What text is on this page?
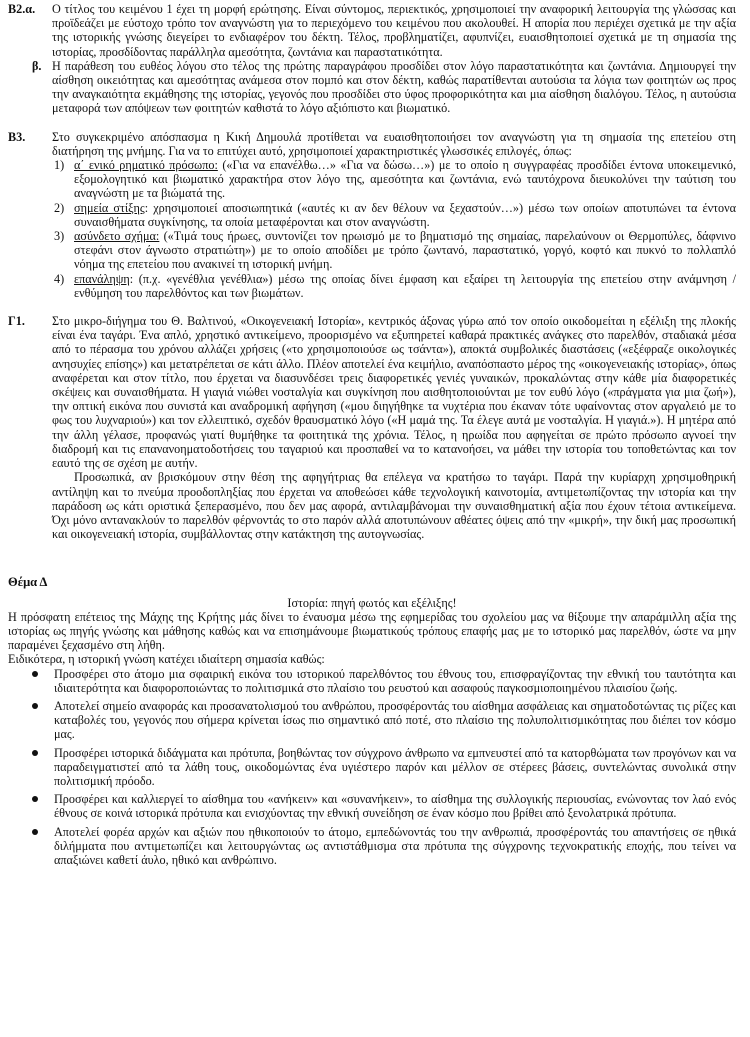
Β2.α.	Ο τίτλος του κειμένου 1 έχει τη μορφή ερώτησης. Είναι σύντομος, περιεκτικός, χρησιμοποιεί την αναφορική λειτουργία της γλώσσας και προϊδεάζει με εύστοχο τρόπο τον αναγνώστη για το περιεχόμενο του κειμένου που ακολουθεί. Η απορία που περιέχει σχετικά με την αξία της ιστορικής γνώσης διεγείρει το ενδιαφέρον του δέκτη. Τέλος, προβληματίζει, αφυπνίζει, ευαισθητοποιεί σχετικά με τη σημασία της ιστορίας, προσδίδοντας παράλληλα αμεσότητα, ζωντάνια και παραστατικότητα.

β. Η παράθεση του ευθέος λόγου στο τέλος της πρώτης παραγράφου προσδίδει στον λόγο παραστατικότητα και ζωντάνια. Δημιουργεί την αίσθηση οικειότητας και αμεσότητας ανάμεσα στον πομπό και στον δέκτη, καθώς παρατίθενται αυτούσια τα λόγια των φοιτητών ως προς την αναγκαιότητα εκμάθησης της ιστορίας, γεγονός που προσδίδει στο ύφος προφορικότητα και μια αίσθηση διαλόγου. Τέλος, η αυτούσια μεταφορά των απόψεων των φοιτητών καθιστά το λόγο αξιόπιστο και βιωματικό.

Β3.	Στο συγκεκριμένο απόσπασμα η Κική Δημουλά προτίθεται να ευαισθητοποιήσει τον αναγνώστη για τη σημασία της επετείου στη διατήρηση της μνήμης. Για να το επιτύχει αυτό, χρησιμοποιεί χαρακτηριστικές γλωσσικές επιλογές, όπως:

1) α΄ ενικό ρηματικό πρόσωπο: («Για να επανέλθω…» «Για να δώσω…») με το οποίο η συγγραφέας προσδίδει έντονα υποκειμενικό, εξομολογητικό και βιωματικό χαρακτήρα στον λόγο της, αμεσότητα και ζωντάνια, ενώ ταυτόχρονα διευκολύνει την ταύτιση του αναγνώστη με τα βιώματά της.
2) σημεία στίξης: χρησιμοποιεί αποσιωπητικά («αυτές κι αν δεν θέλουν να ξεχαστούν…») μέσω των οποίων αποτυπώνει τα έντονα συναισθήματα συγκίνησης, τα οποία μεταφέρονται και στον αναγνώστη.
3) ασύνδετο σχήμα: («Τιμά τους ήρωες, συντονίζει τον ηρωισμό με το βηματισμό της σημαίας, παρελαύνουν οι Θερμοπύλες, δάφνινο στεφάνι στον άγνωστο στρατιώτη») με το οποίο αποδίδει με τρόπο ζωντανό, παραστατικό, γοργό, κοφτό και πυκνό το πολλαπλό νόημα της επετείου που ανακινεί τη ιστορική μνήμη.
4) επανάληψη: (π.χ. «γενέθλια γενέθλια») μέσω της οποίας δίνει έμφαση και εξαίρει τη λειτουργία της επετείου στην ανάμνηση / ενθύμηση του παρελθόντος και των βιωμάτων.
Γ1.	Στο μικρο-διήγημα του Θ. Βαλτινού, «Οικογενειακή Ιστορία», κεντρικός άξονας γύρω από τον οποίο οικοδομείται η εξέλιξη της πλοκής είναι ένα ταγάρι. Ένα απλό, χρηστικό αντικείμενο, προορισμένο να εξυπηρετεί καθαρά πρακτικές ανάγκες στο παρελθόν, σταδιακά μέσα από το πέρασμα του χρόνου αλλάζει χρήσεις («το χρησιμοποιούσε ως τσάντα»), αποκτά συμβολικές διαστάσεις («εξέφραζε οικολογικές ανησυχίες επίσης») και μετατρέπεται σε κάτι άλλο. Πλέον αποτελεί ένα κειμήλιο, αναπόσπαστο μέρος της «οικογενειακής ιστορίας», όπως αναφέρεται και στον τίτλο, που έρχεται να διασυνδέσει τρεις διαφορετικές γενιές γυναικών, προκαλώντας στην κάθε μία διαφορετικές σκέψεις και συναισθήματα. Η γιαγιά νιώθει νοσταλγία και συγκίνηση που αισθητοποιούνται με τον ευθύ λόγο («πράγματα για μια ζωή»), την οπτική εικόνα που συνιστά και αναδρομική αφήγηση («μου διηγήθηκε τα νυχτέρια που έκαναν τότε υφαίνοντας στον αργαλειό με το φως του λυχναριού») και τον ελλειπτικό, σχεδόν θραυσματικό λόγο («Η μαμά της. Τα έλεγε αυτά με νοσταλγία. Η γιαγιά.»). Η μητέρα από την άλλη γέλασε, προφανώς γιατί θυμήθηκε τα φοιτητικά της χρόνια. Τέλος, η ηρωίδα που αφηγείται σε πρώτο πρόσωπο αγνοεί την διαδρομή και τις επανανοηματοδοτήσεις του ταγαριού και προσπαθεί να το κατανοήσει, να μάθει την ιστορία του τοποθετώντας και τον εαυτό της σε σχέση με αυτήν.

Προσωπικά, αν βρισκόμουν στην θέση της αφηγήτριας θα επέλεγα να κρατήσω το ταγάρι. Παρά την κυρίαρχη χρησιμοθηρική αντίληψη και το πνεύμα προοδοπληξίας που έρχεται να αποθεώσει κάθε τεχνολογική καινοτομία, αντιμετωπίζοντας την ιστορία και την παράδοση ως κάτι οριστικά ξεπερασμένο, που δεν μας αφορά, αντιλαμβάνομαι την συναισθηματική αξία που έχουν τέτοια αντικείμενα. Όχι μόνο αντανακλούν το παρελθόν φέρνοντάς το στο παρόν αλλά αποτυπώνουν αθέατες όψεις από την «μικρή», την δική μας προσωπική και οικογενειακή ιστορία, συμβάλλοντας στην κατάκτηση της αυτογνωσίας.

Θέμα Δ

Ιστορία: πηγή φωτός και εξέλιξης!

Η πρόσφατη επέτειος της Μάχης της Κρήτης μάς δίνει το έναυσμα μέσω της εφημερίδας του σχολείου μας να θίξουμε την απαράμιλλη αξία της ιστορίας ως πηγής γνώσης και μάθησης καθώς και να επισημάνουμε βιωματικούς τρόπους επαφής μας με το ιστορικό μας παρελθόν, ώστε να μην παραμένει ξεχασμένο στη λήθη.

Ειδικότερα, η ιστορική γνώση κατέχει ιδιαίτερη σημασία καθώς:

Προσφέρει στο άτομο μια σφαιρική εικόνα του ιστορικού παρελθόντος του έθνους του, επισφραγίζοντας την εθνική του ταυτότητα και ιδιαιτερότητα και διαφοροποιώντας το πολιτισμικά στο πλαίσιο του ρευστού και ασαφούς παγκοσμιοποιημένου πλαισίου ζωής.
Αποτελεί σημείο αναφοράς και προσανατολισμού του ανθρώπου, προσφέροντάς του αίσθημα ασφάλειας και σηματοδοτώντας τις ρίζες και καταβολές του, γεγονός που σήμερα κρίνεται ίσως πιο σημαντικό από ποτέ, στο πλαίσιο της πολυπολιτισμικότητας που διέπει τον κόσμο μας.
Προσφέρει ιστορικά διδάγματα και πρότυπα, βοηθώντας τον σύγχρονο άνθρωπο να εμπνευστεί από τα κατορθώματα των προγόνων και να παραδειγματιστεί από τα λάθη τους, οικοδομώντας ένα υγιέστερο παρόν και μέλλον σε στέρεες βάσεις, συντελώντας συνολικά στην πολιτισμική πρόοδο.
Προσφέρει και καλλιεργεί το αίσθημα του «ανήκειν» και «συνανήκειν», το αίσθημα της συλλογικής περιουσίας, ενώνοντας τον λαό ενός έθνους σε κοινά ιστορικά πρότυπα και ενισχύοντας την εθνική συνείδηση σε έναν κόσμο που βρίθει από ξενολατρικά πρότυπα.
Αποτελεί φορέα αρχών και αξιών που ηθικοποιούν το άτομο, εμπεδώνοντάς του την ανθρωπιά, προσφέροντάς του απαντήσεις σε ηθικά διλήμματα που αντιμετωπίζει και λειτουργώντας ως αντιστάθμισμα στα πρότυπα της σύγχρονης τεχνοκρατικής εποχής, που τείνει να απαξιώνει καθετί άυλο, ηθικό και ανθρώπινο.
